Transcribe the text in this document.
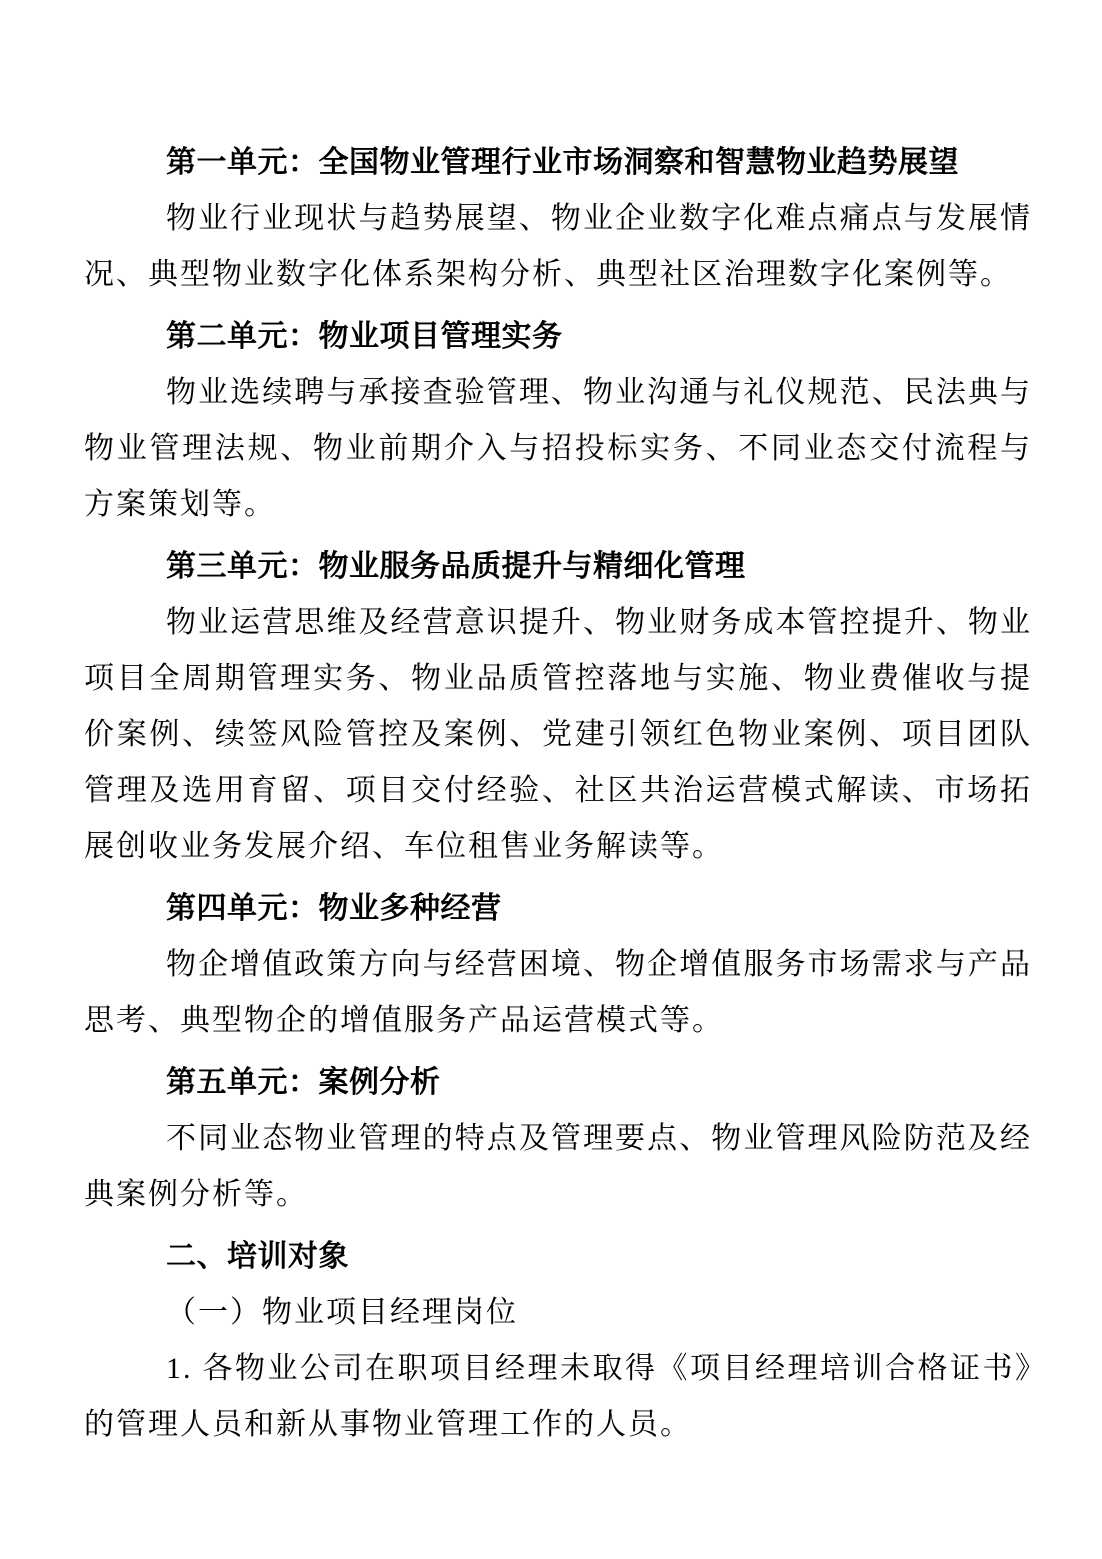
第一单元：全国物业管理行业市场洞察和智慧物业趋势展望

物业行业现状与趋势展望、物业企业数字化难点痛点与发展情况、典型物业数字化体系架构分析、典型社区治理数字化案例等。

第二单元：物业项目管理实务

物业选续聘与承接查验管理、物业沟通与礼仪规范、民法典与物业管理法规、物业前期介入与招投标实务、不同业态交付流程与方案策划等。

第三单元：物业服务品质提升与精细化管理

物业运营思维及经营意识提升、物业财务成本管控提升、物业项目全周期管理实务、物业品质管控落地与实施、物业费催收与提价案例、续签风险管控及案例、党建引领红色物业案例、项目团队管理及选用育留、项目交付经验、社区共治运营模式解读、市场拓展创收业务发展介绍、车位租售业务解读等。

第四单元：物业多种经营

物企增值政策方向与经营困境、物企增值服务市场需求与产品思考、典型物企的增值服务产品运营模式等。

第五单元：案例分析

不同业态物业管理的特点及管理要点、物业管理风险防范及经典案例分析等。

二、培训对象

（一）物业项目经理岗位

1. 各物业公司在职项目经理未取得《项目经理培训合格证书》的管理人员和新从事物业管理工作的人员。
